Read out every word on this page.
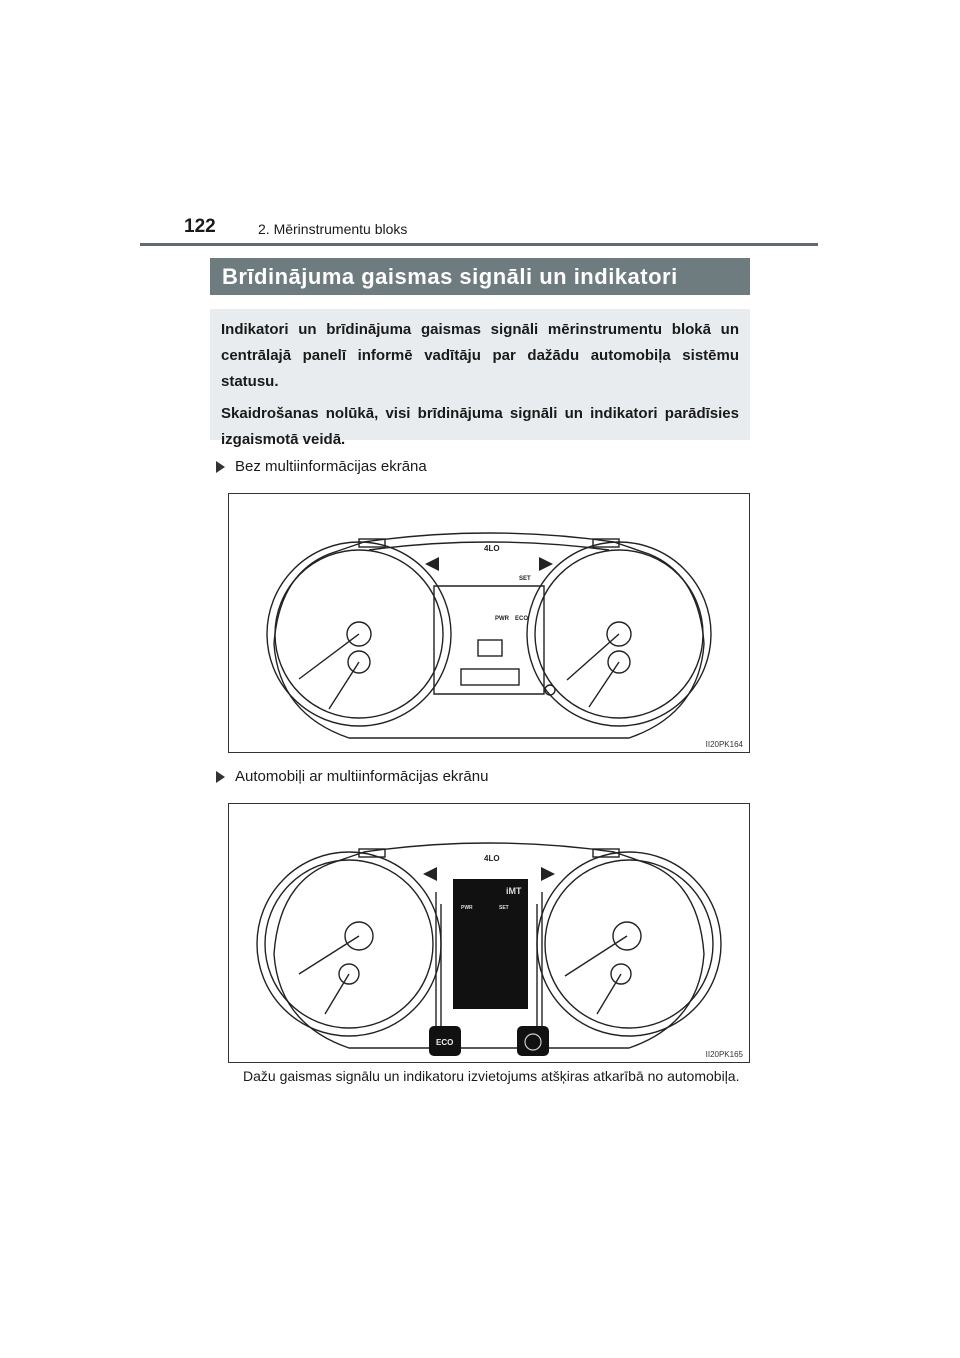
122	2. Mērinstrumentu bloks
Brīdinājuma gaismas signāli un indikatori

Indikatori un brīdinājuma gaismas signāli mērinstrumentu blokā un centrālajā panelī informē vadītāju par dažādu automobiļa sistēmu statusu.

Skaidrošanas nolūkā, visi brīdinājuma signāli un indikatori parādīsies izgaismotā veidā.

Bez multiinformācijas ekrāna
4LO
SET
PWR ECO
II20PK164
Automobiļi ar multiinformācijas ekrānu
4LO
iMT
PWR	SET
ECO
II20PK165
Dažu gaismas signālu un indikatoru izvietojums atšķiras atkarībā no automobiļa.
